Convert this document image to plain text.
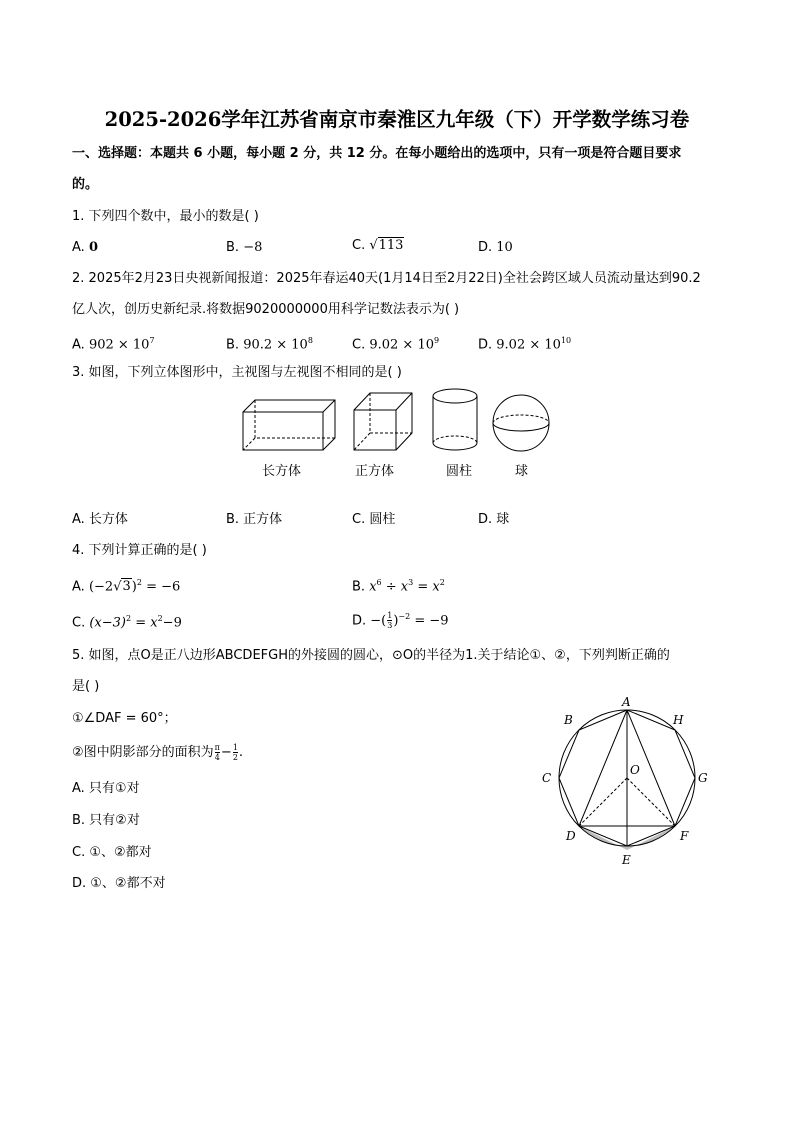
2025-2026学年江苏省南京市秦淮区九年级（下）开学数学练习卷
一、选择题：本题共 6 小题，每小题 2 分，共 12 分。在每小题给出的选项中，只有一项是符合题目要求
的。
1. 下列四个数中，最小的数是( )
A. 0	B. −8	C. √113	D. 10
2. 2025年2月23日央视新闻报道：2025年春运40天(1月14日至2月22日)全社会跨区域人员流动量达到90.2
亿人次，创历史新纪录.将数据9020000000用科学记数法表示为( )
A. $902 \times 10^7$	B. $90.2 \times 10^8$	C. $9.02 \times 10^9$	D. $9.02 \times 10^{10}$
3. 如图，下列立体图形中，主视图与左视图不相同的是( )
长方体	正方体	圆柱	球
A. 长方体	B. 正方体	C. 圆柱	D. 球
4. 下列计算正确的是( )
A. $(-2√3)^2 = -6$	B. $x^6 \div x^3 = x^2$
C. $(x-3)^2 = x^2-9$	D. −( $\frac{1}{3} )^{-2} = -9$
5. 如图，点O是正八边形ABCDEFGH的外接圆的圆心，⊙O的半径为1.关于结论①、②，下列判断正确的
是( )
①∠DAF = 60°；
②图中阴影部分的面积为 $\frac{\pi}{4} - \frac{1}{2}$ .
A. 只有①对
B. 只有②对
C. ①、②都对
D. ①、②都不对
A
B
C
D
E
F
G
H
O
